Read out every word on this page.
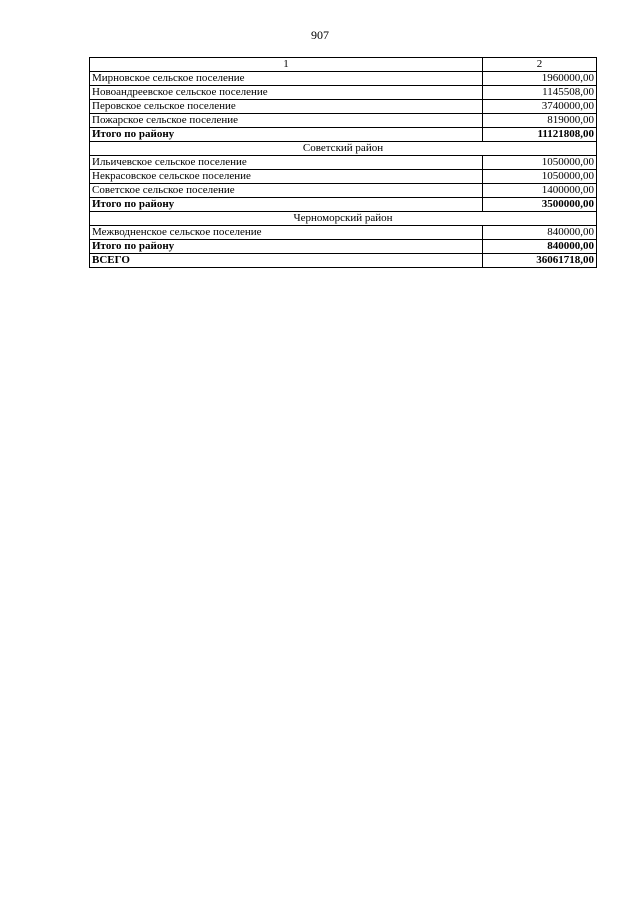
907
1	2
Мирновское сельское поселение	1960000,00
Новоандреевское сельское поселение	1145508,00
Перовское сельское поселение	3740000,00
Пожарское сельское поселение	819000,00
Итого по району	11121808,00
Советский район	
Ильичевское сельское поселение	1050000,00
Некрасовское сельское поселение	1050000,00
Советское сельское поселение	1400000,00
Итого по району	3500000,00
Черноморский район	
Межводненское сельское поселение	840000,00
Итого по району	840000,00
ВСЕГО	36061718,00
